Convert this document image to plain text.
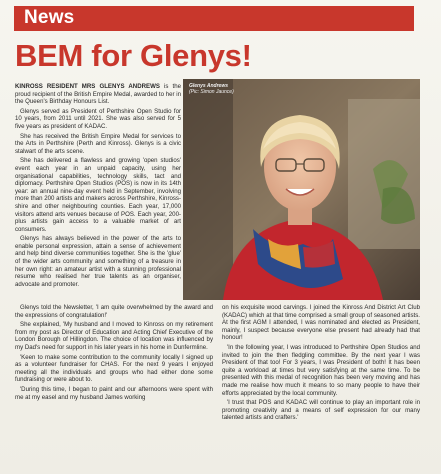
News
BEM for Glenys!

KINROSS RESIDENT MRS GLENYS ANDREWS is the proud recipient of the British Empire Medal, awarded to her in the Queen's Birthday Honours List.

Glenys served as President of Perthshire Open Studio for 10 years, from 2011 until 2021. She was also served for 5 five years as president of KADAC.

She has received the British Empire Medal for services to the Arts in Perthshire (Perth and Kinross). Glenys is a civic stalwart of the arts scene.

She has delivered a flawless and growing 'open studios' event each year in an unpaid capacity, using her organisational capabilities, technology skills, tact and diplomacy. Perthshire Open Studios (POS) is now in its 14th year: an annual nine-day event held in September, involving more than 200 artists and makers across Perthshire, Kinross-shire and other neighbouring counties. Each year, 17,000 visitors attend arts venues because of POS. Each year, 200-plus artists gain access to a valuable market of art consumers.

Glenys has always believed in the power of the arts to enable personal expression, attain a sense of achievement and help bind diverse communities together. She is the 'glue' of the wider arts community and something of a treasure in her own right: an amateur artist with a stunning professional resume who realised her true talents as an organiser, advocate and promoter.

Glenys Andrews
(Pic: Simon Jaunce)

Glenys told the Newsletter, 'I am quite overwhelmed by the award and the expressions of congratulation!'

She explained, 'My husband and I moved to Kinross on my retirement from my post as Director of Education and Acting Chief Executive of the London Borough of Hillingdon. The choice of location was influenced by my Dad's need for support in his later years in his home in Dunfermline.

'Keen to make some contribution to the community locally I signed up as a volunteer fundraiser for CHAS. For the next 9 years I enjoyed meeting all the individuals and groups who had either done some fundraising or were about to.

'During this time, I began to paint and our afternoons were spent with me at my easel and my husband James working

on his exquisite wood carvings. I joined the Kinross And District Art Club (KADAC) which at that time comprised a small group of seasoned artists. At the first AGM I attended, I was nominated and elected as President, mainly, I suspect because everyone else present had already had that honour!

'In the following year, I was introduced to Perthshire Open Studios and invited to join the then fledgling committee. By the next year I was President of that too! For 3 years, I was President of both! It has been quite a workload at times but very satisfying at the same time. To be presented with this medal of recognition has been very moving and has made me realise how much it means to so many people to have their efforts appreciated by the local community.

'I trust that POS and KADAC will continue to play an important role in promoting creativity and a means of self expression for our many talented artists and crafters.'
